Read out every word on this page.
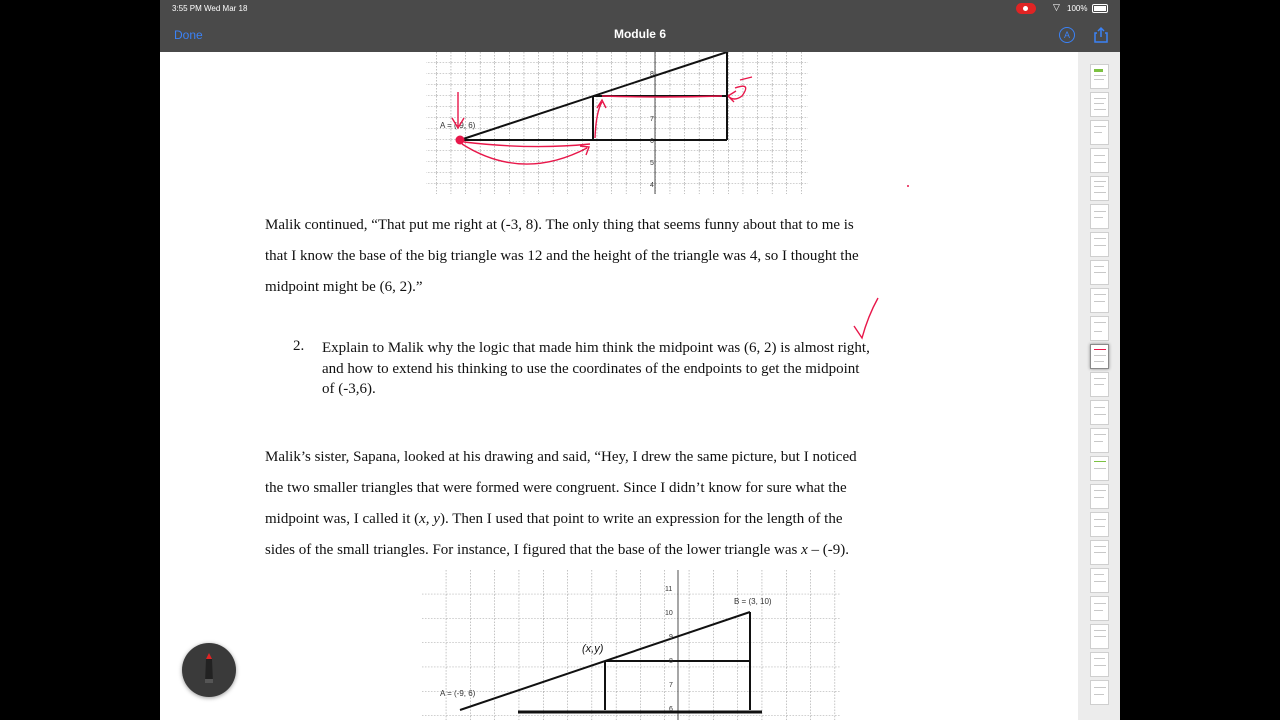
3:55 PM Wed Mar 18	▽ 100%
Done	Module 6	A
A = (-9, 6)
8
7
6
5
4
Malik continued, “That put me right at (-3, 8). The only thing that seems funny about that to me is
that I know the base of the big triangle was 12 and the height of the triangle was 4, so I thought the
midpoint might be (6, 2).”
2. Explain to Malik why the logic that made him think the midpoint was (6, 2) is almost right,
and how to extend his thinking to use the coordinates of the endpoints to get the midpoint
of (-3,6).
Malik’s sister, Sapana, looked at his drawing and said, “Hey, I drew the same picture, but I noticed
the two smaller triangles that were formed were congruent. Since I didn’t know for sure what the
midpoint was, I called it (x, y). Then I used that point to write an expression for the length of the
sides of the small triangles. For instance, I figured that the base of the lower triangle was x – (-9).
A = (-9, 6)
B = (3, 10)
(x,y)
11
10
9
8
7
6
